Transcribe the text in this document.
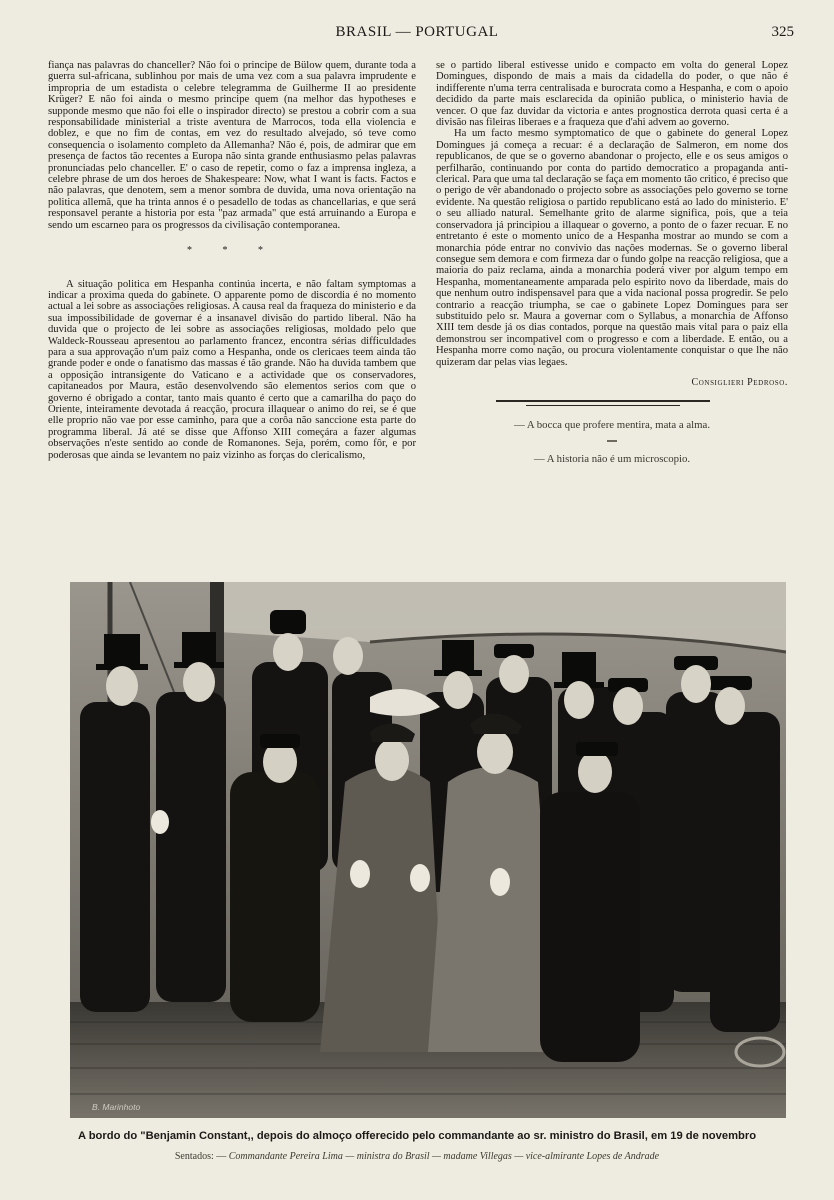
BRASIL — PORTUGAL	325

fiança nas palavras do chanceller? Não foi o principe de Bülow quem, durante toda a guerra sul-africana, sublinhou por mais de uma vez com a sua palavra imprudente e impropria de um estadista o celebre telegramma de Guilherme II ao presidente Krüger? E não foi ainda o mesmo principe quem (na melhor das hypotheses e supponde mesmo que não foi elle o inspirador directo) se prestou a cobrir com a sua responsabilidade ministerial a triste aventura de Marrocos, toda ella violencia e doblez, e que no fim de contas, em vez do resultado alvejado, só teve como consequencia o isolamento completo da Allemanha? Não é, pois, de admirar que em presença de factos tão recentes a Europa não sinta grande enthusiasmo pelas palavras pronunciadas pelo chanceller. E' o caso de repetir, como o faz a imprensa ingleza, a celebre phrase de um dos heroes de Shakespeare: Now, what I want is facts. Factos e não palavras, que denotem, sem a menor sombra de duvida, uma nova orientação na politica allemã, que ha trinta annos é o pesadello de todas as chancellarias, e que será responsavel perante a historia por esta "paz armada" que está arruinando a Europa e sendo um escarneo para os progressos da civilisação contemporanea.

* * *

A situação politica em Hespanha continúa incerta, e não faltam symptomas a indicar a proxima queda do gabinete. O apparente pomo de discordia é no momento actual a lei sobre as associações religiosas. A causa real da fraqueza do ministerio e da sua impossibilidade de governar é a insanavel divisão do partido liberal. Não ha duvida que o projecto de lei sobre as associações religiosas, moldado pelo que Waldeck-Rousseau apresentou ao parlamento francez, encontra sérias difficuldades para a sua approvação n'um paiz como a Hespanha, onde os clericaes teem ainda tão grande poder e onde o fanatismo das massas é tão grande. Não ha duvida tambem que a opposição intransigente do Vaticano e a actividade que os conservadores, capitaneados por Maura, estão desenvolvendo são elementos serios com que o governo é obrigado a contar, tanto mais quanto é certo que a camarilha do paço do Oriente, inteiramente devotada á reacção, procura illaquear o animo do rei, se é que elle proprio não vae por esse caminho, para que a corôa não sanccione esta parte do programma liberal. Já até se disse que Affonso XIII começára a fazer algumas observações n'este sentido ao conde de Romanones. Seja, porém, como fôr, e por poderosas que ainda se levantem no paiz vizinho as forças do clericalismo,

se o partido liberal estivesse unido e compacto em volta do general Lopez Domingues, dispondo de mais a mais da cidadella do poder, o que não é indifferente n'uma terra centralisada e burocrata como a Hespanha, e com o apoio decidido da parte mais esclarecida da opinião publica, o ministerio havia de vencer. O que faz duvidar da victoria e antes prognostica derrota quasi certa é a divisão nas fileiras liberaes e a fraqueza que d'ahi advem ao governo.

Ha um facto mesmo symptomatico de que o gabinete do general Lopez Domingues já começa a recuar: é a declaração de Salmeron, em nome dos republicanos, de que se o governo abandonar o projecto, elle e os seus amigos o perfilharão, continuando por conta do partido democratico a propaganda anti-clerical. Para que uma tal declaração se faça em momento tão critico, é preciso que o perigo de vêr abandonado o projecto sobre as associações pelo governo se torne evidente. Na questão religiosa o partido republicano está ao lado do ministerio. E' o seu alliado natural. Semelhante grito de alarme significa, pois, que a teia conservadora já principiou a illaquear o governo, a ponto de o fazer recuar. E no entretanto é este o momento unico de a Hespanha mostrar ao mundo se com a monarchia póde entrar no convivio das nações modernas. Se o governo liberal consegue sem demora e com firmeza dar o fundo golpe na reacção religiosa, que a maioria do paiz reclama, ainda a monarchia poderá viver por algum tempo em Hespanha, momentaneamente amparada pelo espirito novo da liberdade, mais do que nenhum outro indispensavel para que a vida nacional possa progredir. Se pelo contrario a reacção triumpha, se cae o gabinete Lopez Domingues para ser substituido pelo sr. Maura a governar com o Syllabus, a monarchia de Affonso XIII tem desde já os dias contados, porque na questão mais vital para o paiz ella demonstrou ser incompativel com o progresso e com a liberdade. E então, ou a Hespanha morre como nação, ou procura violentamente conquistar o que lhe não quizeram dar pelas vias legaes.

Consiglieri Pedroso.
— A bocca que profere mentira, mata a alma.
— A historia não é um microscopio.
B. Marinhoto
A bordo do "Benjamin Constant,, depois do almoço offerecido pelo commandante ao sr. ministro do Brasil, em 19 de novembro
Sentados: — Commandante Pereira Lima — ministra do Brasil — madame Villegas — vice-almirante Lopes de Andrade
